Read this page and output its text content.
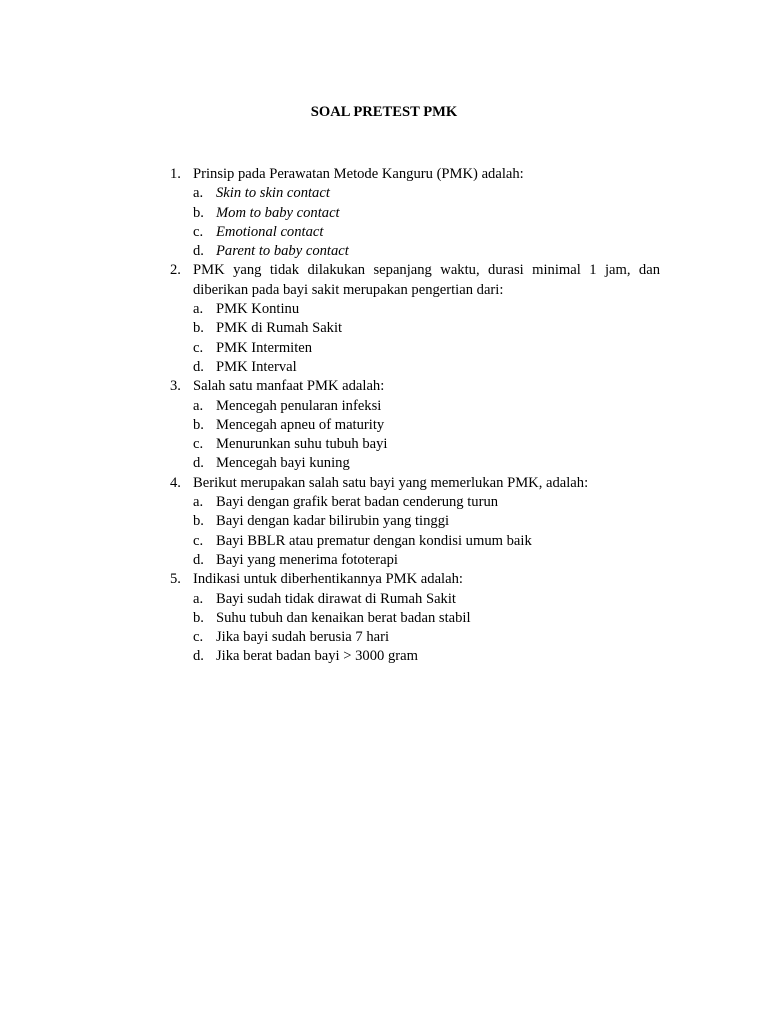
SOAL PRETEST PMK
1. Prinsip pada Perawatan Metode Kanguru (PMK) adalah:
a. Skin to skin contact
b. Mom to baby contact
c. Emotional contact
d. Parent to baby contact
2. PMK yang tidak dilakukan sepanjang waktu, durasi minimal 1 jam, dan diberikan pada bayi sakit merupakan pengertian dari:
a. PMK Kontinu
b. PMK di Rumah Sakit
c. PMK Intermiten
d. PMK Interval
3. Salah satu manfaat PMK adalah:
a. Mencegah penularan infeksi
b. Mencegah apneu of maturity
c. Menurunkan suhu tubuh bayi
d. Mencegah bayi kuning
4. Berikut merupakan salah satu bayi yang memerlukan PMK, adalah:
a. Bayi dengan grafik berat badan cenderung turun
b. Bayi dengan kadar bilirubin yang tinggi
c. Bayi BBLR atau prematur dengan kondisi umum baik
d. Bayi yang menerima fototerapi
5. Indikasi untuk diberhentikannya PMK adalah:
a. Bayi sudah tidak dirawat di Rumah Sakit
b. Suhu tubuh dan kenaikan berat badan stabil
c. Jika bayi sudah berusia 7 hari
d. Jika berat badan bayi > 3000 gram
